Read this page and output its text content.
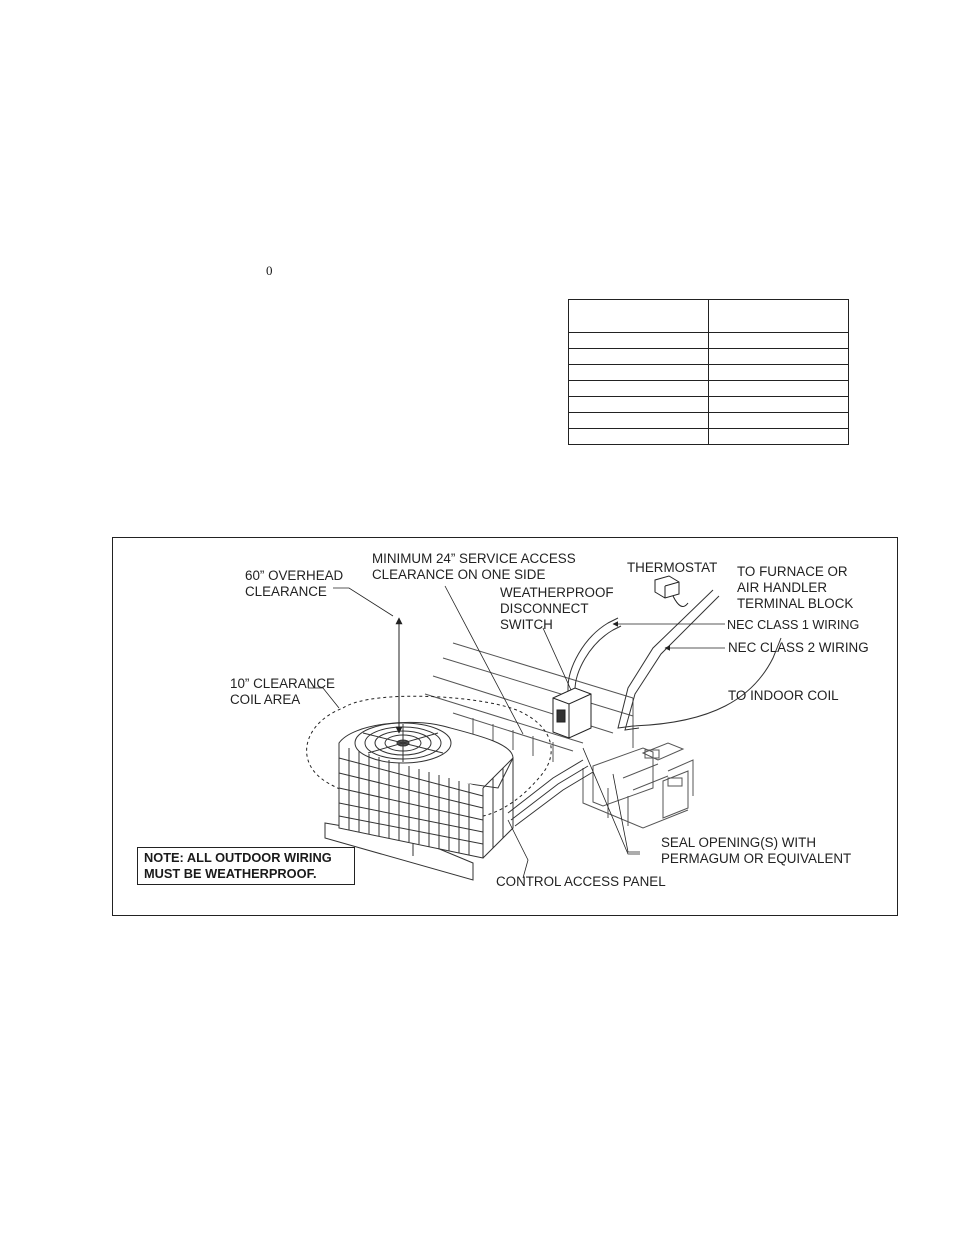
0

60” OVERHEAD
CLEARANCE
MINIMUM 24” SERVICE ACCESS
CLEARANCE ON ONE SIDE	THERMOSTAT TO FURNACE OR
AIR HANDLER
TERMINAL BLOCK
WEATHERPROOF
DISCONNECT
SWITCH	NEC CLASS 1 WIRING
NEC CLASS 2 WIRING
10” CLEARANCE
COIL AREA	TO INDOOR COIL
SEAL OPENING(S) WITH
PERMAGUM OR EQUIVALENT
CONTROL ACCESS PANEL
NOTE: ALL OUTDOOR WIRING
MUST BE WEATHERPROOF.
